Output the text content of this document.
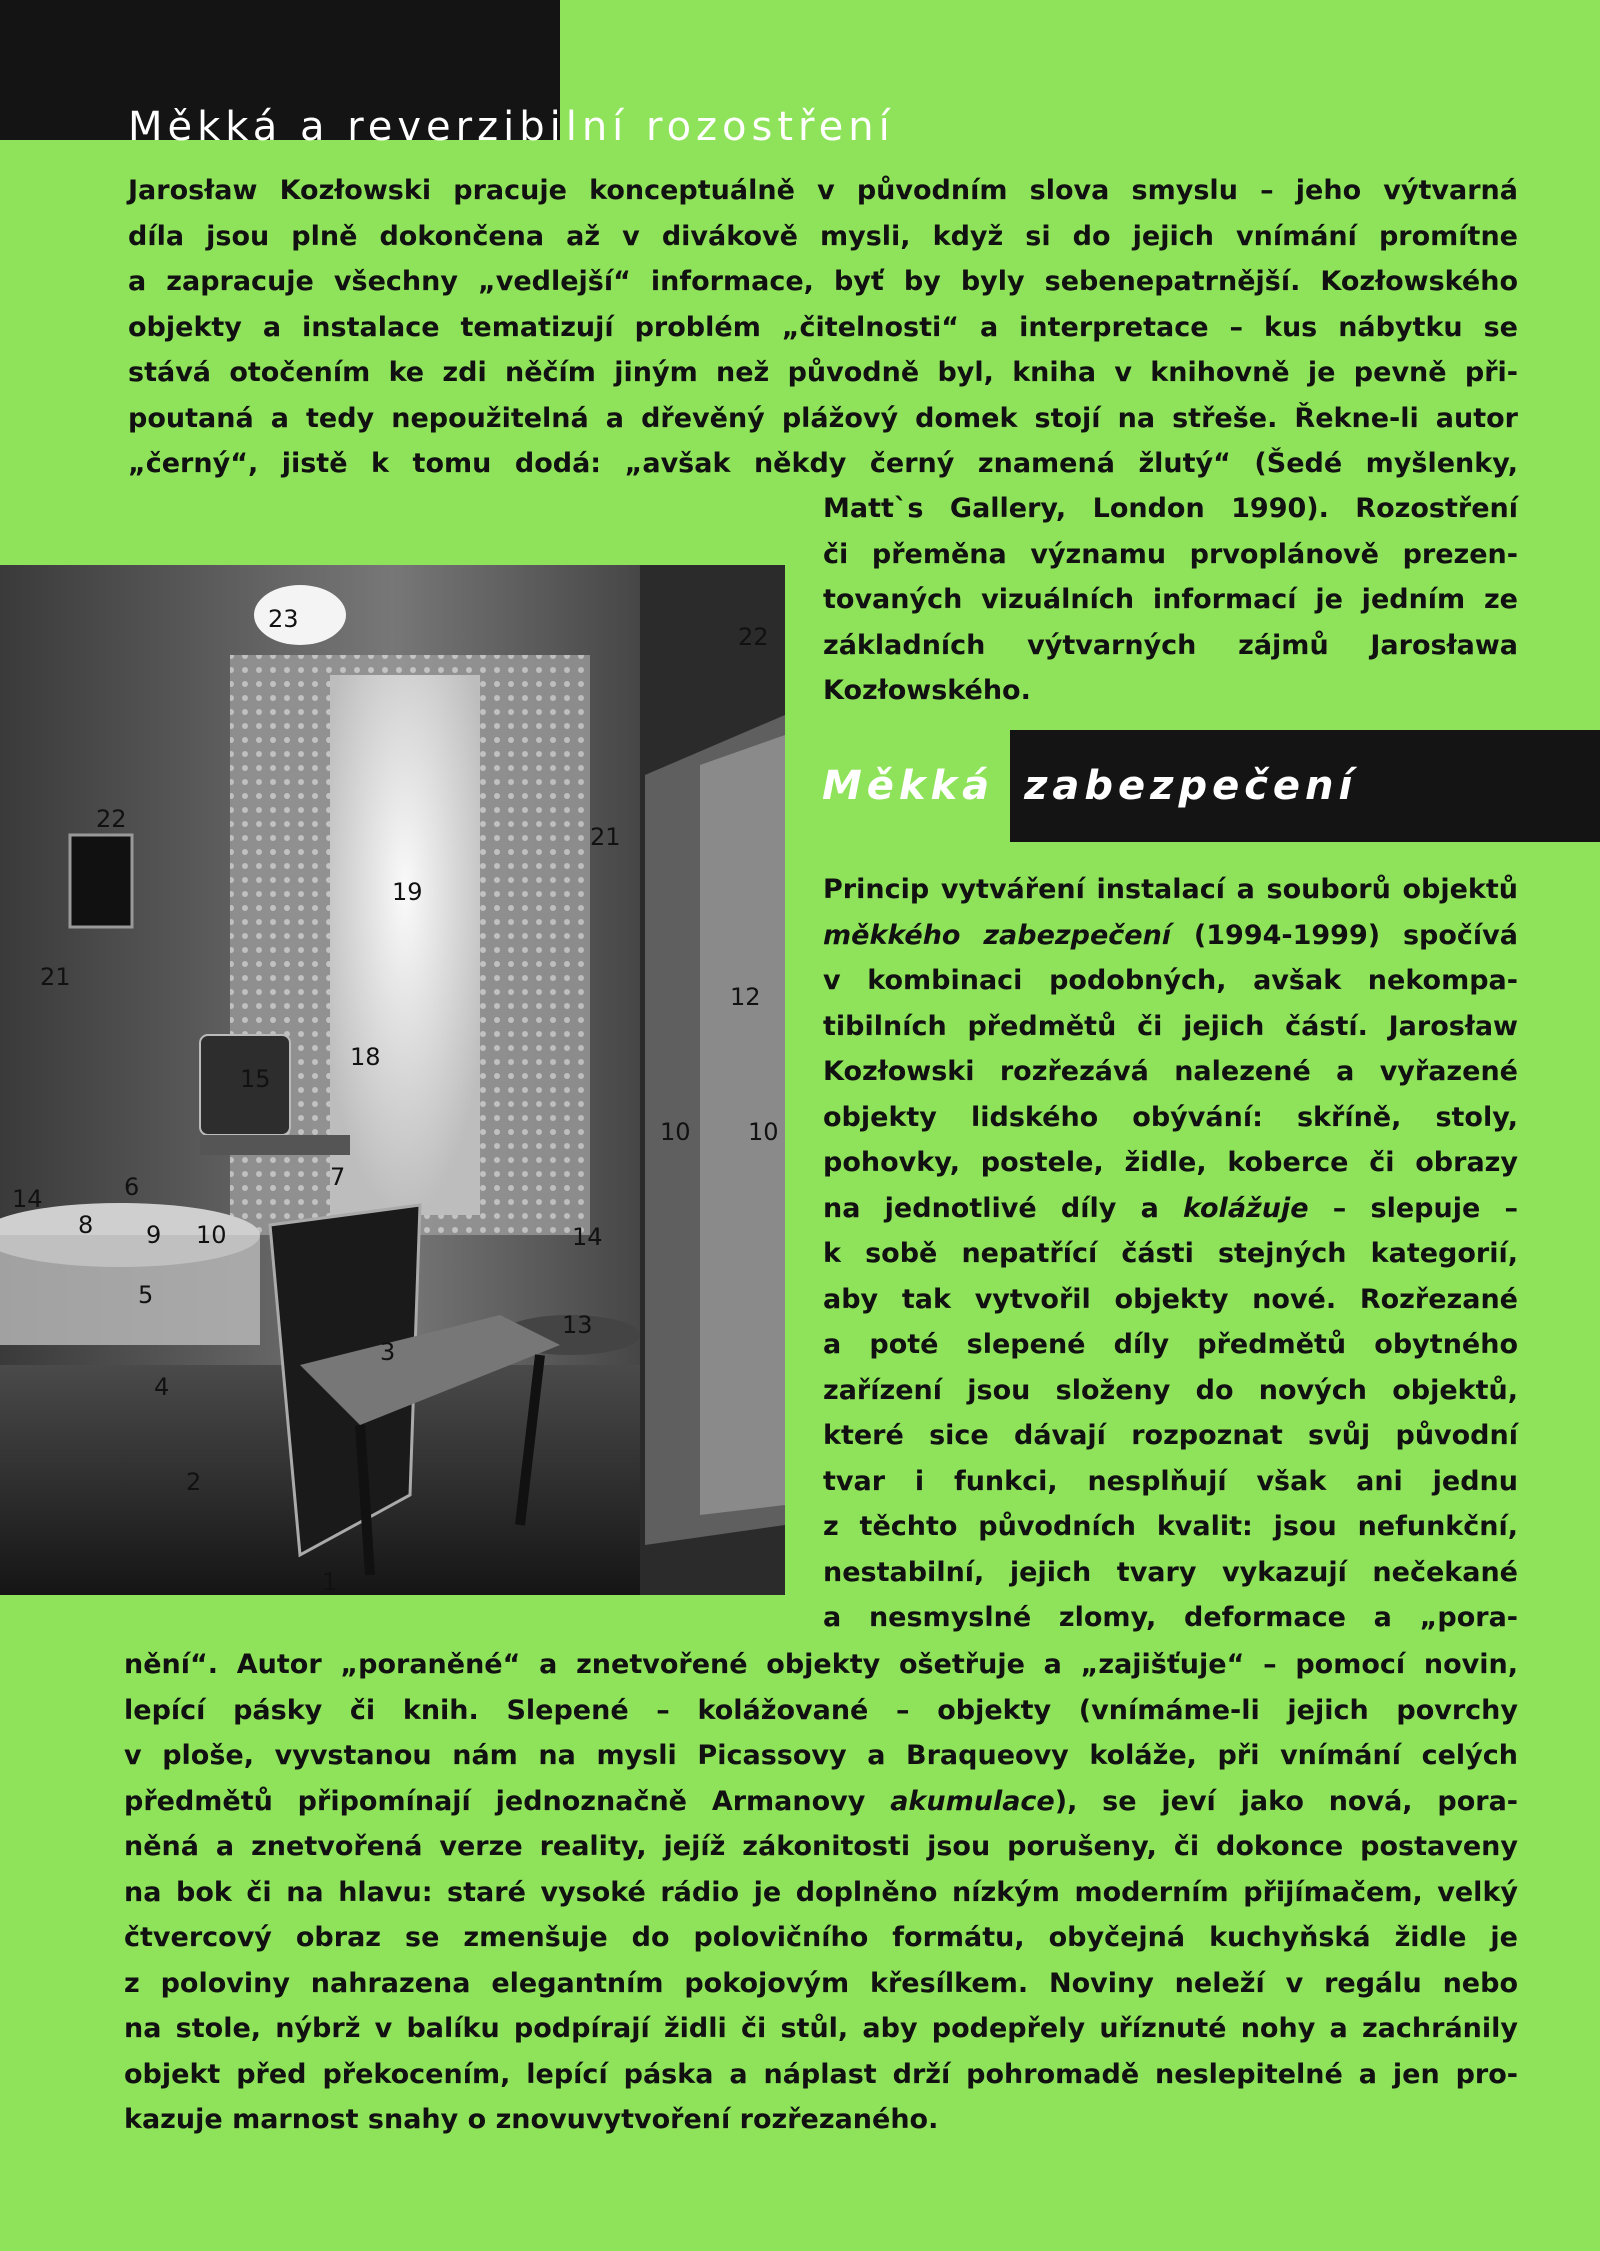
Měkká a reverzibilní rozostření
Jarosław Kozłowski pracuje konceptuálně v původním slova smyslu – jeho výtvarná
díla jsou plně dokončena až v divákově mysli, když si do jejich vnímání promítne
a zapracuje všechny „vedlejší“ informace, byť by byly sebenepatrnější. Kozłowského
objekty a instalace tematizují problém „čitelnosti“ a interpretace – kus nábytku se
stává otočením ke zdi něčím jiným než původně byl, kniha v knihovně je pevně při-
poutaná a tedy nepoužitelná a dřevěný plážový domek stojí na střeše. Řekne-li autor
„černý“, jistě k tomu dodá: „avšak někdy černý znamená žlutý“ (Šedé myšlenky,
Matt`s Gallery, London 1990). Rozostření
či přeměna významu prvoplánově prezen-
tovaných vizuálních informací je jedním ze
základních výtvarných zájmů Jarosława
Kozłowského.
23
22
22
21
21
19
18
15
12
10 10
7
6
8 9 10
14
14
5
3
4
2
13
1
Měkká zabezpečení
Princip vytváření instalací a souborů objektů
měkkého zabezpečení (1994-1999) spočívá
v kombinaci podobných, avšak nekompa-
tibilních předmětů či jejich částí. Jarosław
Kozłowski rozřezává nalezené a vyřazené
objekty lidského obývání: skříně, stoly,
pohovky, postele, židle, koberce či obrazy
na jednotlivé díly a kolážuje – slepuje –
k sobě nepatřící části stejných kategorií,
aby tak vytvořil objekty nové. Rozřezané
a poté slepené díly předmětů obytného
zařízení jsou složeny do nových objektů,
které sice dávají rozpoznat svůj původní
tvar i funkci, nesplňují však ani jednu
z těchto původních kvalit: jsou nefunkční,
nestabilní, jejich tvary vykazují nečekané
a nesmyslné zlomy, deformace a „pora-
nění“. Autor „poraněné“ a znetvořené objekty ošetřuje a „zajišťuje“ – pomocí novin,
lepící pásky či knih. Slepené – kolážované – objekty (vnímáme-li jejich povrchy
v ploše, vyvstanou nám na mysli Picassovy a Braqueovy koláže, při vnímání celých
předmětů připomínají jednoznačně Armanovy akumulace), se jeví jako nová, pora-
něná a znetvořená verze reality, jejíž zákonitosti jsou porušeny, či dokonce postaveny
na bok či na hlavu: staré vysoké rádio je doplněno nízkým moderním přijímačem, velký
čtvercový obraz se zmenšuje do polovičního formátu, obyčejná kuchyňská židle je
z poloviny nahrazena elegantním pokojovým křesílkem. Noviny neleží v regálu nebo
na stole, nýbrž v balíku podpírají židli či stůl, aby podepřely uříznuté nohy a zachránily
objekt před překocením, lepící páska a náplast drží pohromadě neslepitelné a jen pro-
kazuje marnost snahy o znovuvytvoření rozřezaného.
